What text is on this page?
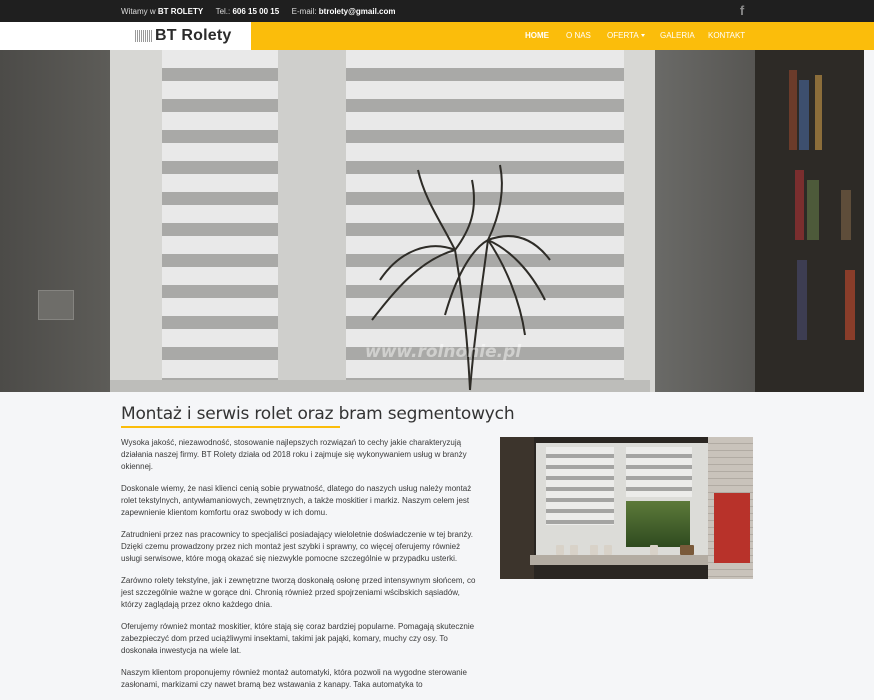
Witamy w BT ROLETY Tel.: 606 15 00 15 E-mail: btrolety@gmail.com	f
BT Rolety	HOME O NAS OFERTA	GALERIA KONTAKT
www.rolnonie.pl
Montaż i serwis rolet oraz bram segmentowych

Wysoka jakość, niezawodność, stosowanie najlepszych rozwiązań to cechy jakie charakteryzują działania naszej firmy. BT Rolety działa od 2018 roku i zajmuje się wykonywaniem usług w branży okiennej.

Doskonale wiemy, że nasi klienci cenią sobie prywatność, dlatego do naszych usług należy montaż rolet tekstylnych, antywłamaniowych, zewnętrznych, a także moskitier i markiz. Naszym celem jest zapewnienie klientom komfortu oraz swobody w ich domu.

Zatrudnieni przez nas pracownicy to specjaliści posiadający wieloletnie doświadczenie w tej branży. Dzięki czemu prowadzony przez nich montaż jest szybki i sprawny, co więcej oferujemy również usługi serwisowe, które mogą okazać się niezwykle pomocne szczególnie w przypadku usterki.

Zarówno rolety tekstylne, jak i zewnętrzne tworzą doskonałą osłonę przed intensywnym słońcem, co jest szczególnie ważne w gorące dni. Chronią również przed spojrzeniami wścibskich sąsiadów, którzy zaglądają przez okno każdego dnia.

Oferujemy również montaż moskitier, które stają się coraz bardziej popularne. Pomagają skutecznie zabezpieczyć dom przed uciążliwymi insektami, takimi jak pająki, komary, muchy czy osy. To doskonała inwestycja na wiele lat.

Naszym klientom proponujemy również montaż automatyki, która pozwoli na wygodne sterowanie zasłonami, markizami czy nawet bramą bez wstawania z kanapy. Taka automatyka to
